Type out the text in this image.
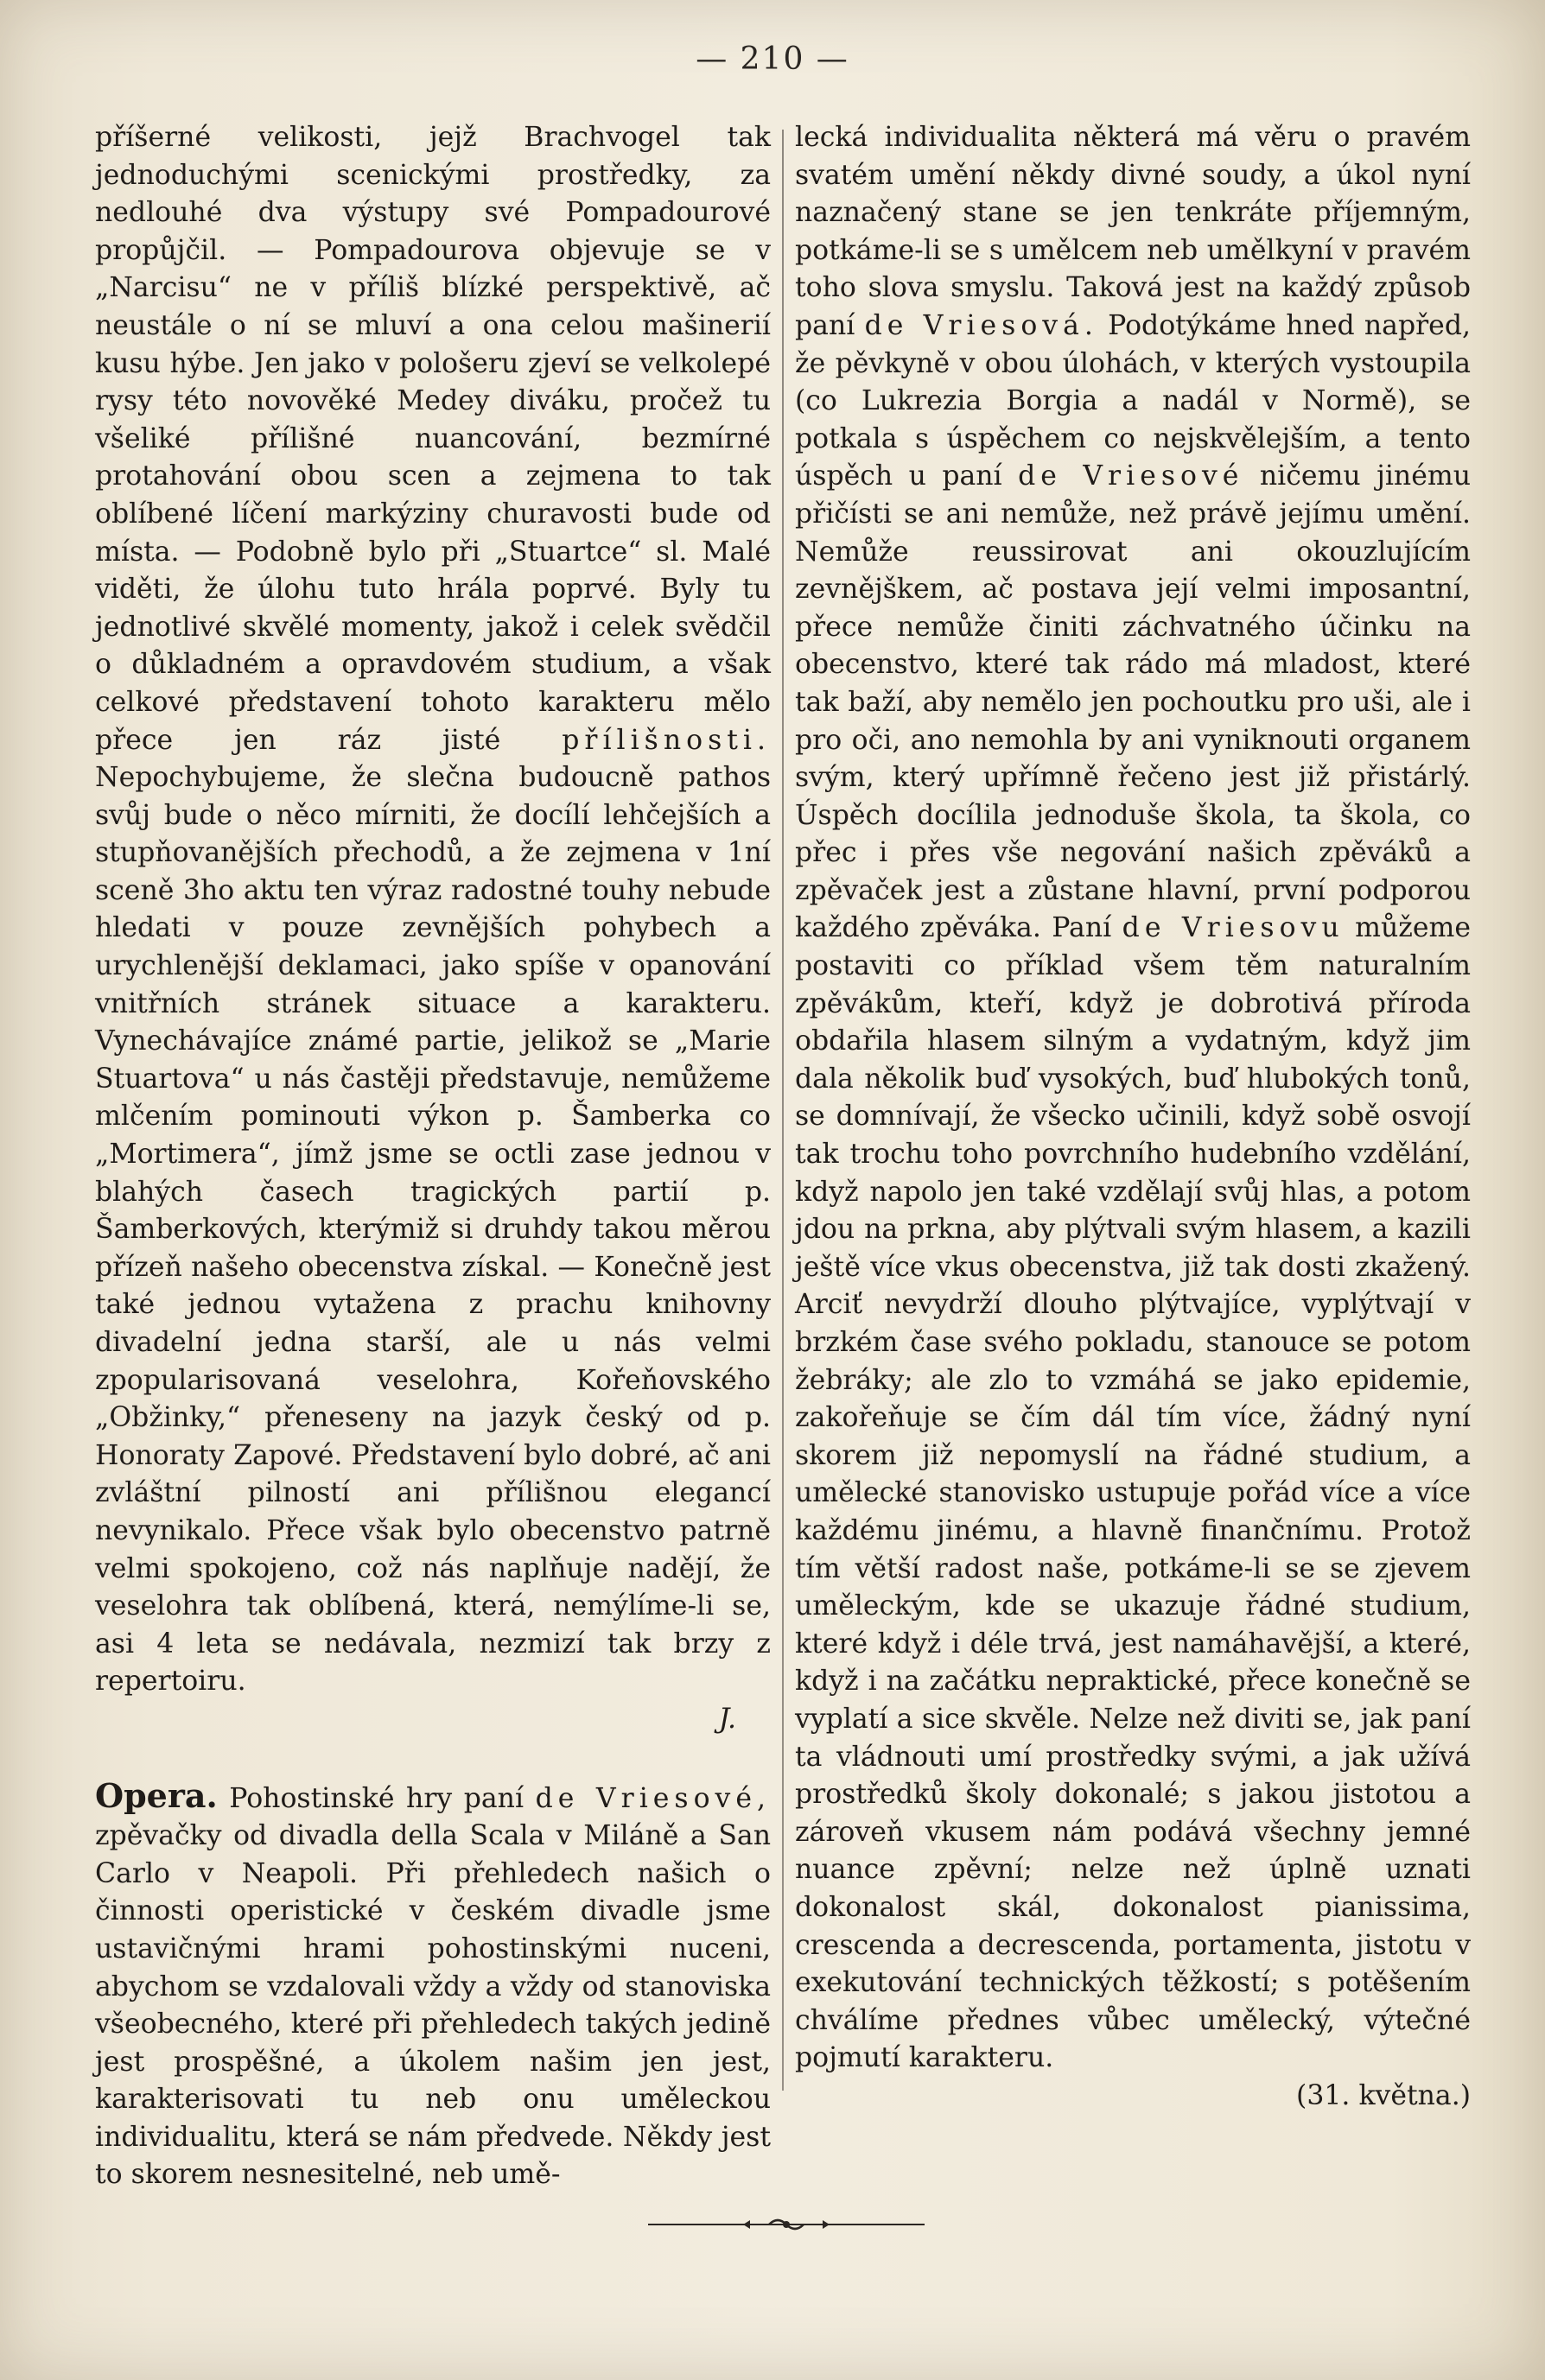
— 210 —

příšerné velikosti, jejž Brachvogel tak jednoduchými scenickými prostředky, za nedlouhé dva výstupy své Pompadourové propůjčil. — Pompadourova objevuje se v „Narcisu“ ne v příliš blízké perspektivě, ač neustále o ní se mluví a ona celou mašinerií kusu hýbe. Jen jako v pološeru zjeví se velkolepé rysy této novověké Medey diváku, pročež tu všeliké přílišné nuancování, bezmírné protahování obou scen a zejmena to tak oblíbené líčení markýziny churavosti bude od místa. — Podobně bylo při „Stuartce“ sl. Malé viděti, že úlohu tuto hrála poprvé. Byly tu jednotlivé skvělé momenty, jakož i celek svědčil o důkladném a opravdovém studium, a však celkové představení tohoto karakteru mělo přece jen ráz jisté přílišnosti. Nepochybujeme, že slečna budoucně pathos svůj bude o něco mírniti, že docílí lehčejších a stupňovanějších přechodů, a že zejmena v 1ní sceně 3ho aktu ten výraz radostné touhy nebude hledati v pouze zevnějších pohybech a urychlenější deklamaci, jako spíše v opanování vnitřních stránek situace a karakteru. Vynechávajíce známé partie, jelikož se „Marie Stuartova“ u nás častěji představuje, nemůžeme mlčením pominouti výkon p. Šamberka co „Mortimera“, jímž jsme se octli zase jednou v blahých časech tragických partií p. Šamberkových, kterýmiž si druhdy takou měrou přízeň našeho obecenstva získal. — Konečně jest také jednou vytažena z prachu knihovny divadelní jedna starší, ale u nás velmi zpopularisovaná veselohra, Kořeňovského „Obžinky,“ přeneseny na jazyk český od p. Honoraty Zapové. Představení bylo dobré, ač ani zvláštní pilností ani přílišnou elegancí nevynikalo. Přece však bylo obecenstvo patrně velmi spokojeno, což nás naplňuje nadějí, že veselohra tak oblíbená, která, nemýlíme-li se, asi 4 leta se nedávala, nezmizí tak brzy z repertoiru.

J.

Opera. Pohostinské hry paní de Vriesové, zpěvačky od divadla della Scala v Miláně a San Carlo v Neapoli. Při přehledech našich o činnosti operistické v českém divadle jsme ustavičnými hrami pohostinskými nuceni, abychom se vzdalovali vždy a vždy od stanoviska všeobecného, které při přehledech takých jedině jest prospěšné, a úkolem našim jen jest, karakterisovati tu neb onu uměleckou individualitu, která se nám předvede. Někdy jest to skorem nesnesitelné, neb umě-

lecká individualita některá má věru o pravém svatém umění někdy divné soudy, a úkol nyní naznačený stane se jen tenkráte příjemným, potkáme-li se s umělcem neb umělkyní v pravém toho slova smyslu. Taková jest na každý způsob paní de Vriesová. Podotýkáme hned napřed, že pěvkyně v obou úlohách, v kterých vystoupila (co Lukrezia Borgia a nadál v Normě), se potkala s úspěchem co nejskvělejším, a tento úspěch u paní de Vriesové ničemu jinému přičísti se ani nemůže, než právě jejímu umění. Nemůže reussirovat ani okouzlujícím zevnějškem, ač postava její velmi imposantní, přece nemůže činiti záchvatného účinku na obecenstvo, které tak rádo má mladost, které tak baží, aby nemělo jen pochoutku pro uši, ale i pro oči, ano nemohla by ani vyniknouti organem svým, který upřímně řečeno jest již přistárlý. Úspěch docílila jednoduše škola, ta škola, co přec i přes vše negování našich zpěváků a zpěvaček jest a zůstane hlavní, první podporou každého zpěváka. Paní de Vriesovu můžeme postaviti co příklad všem těm naturalním zpěvákům, kteří, když je dobrotivá příroda obdařila hlasem silným a vydatným, když jim dala několik buď vysokých, buď hlubokých tonů, se domnívají, že všecko učinili, když sobě osvojí tak trochu toho povrchního hudebního vzdělání, když napolo jen také vzdělají svůj hlas, a potom jdou na prkna, aby plýtvali svým hlasem, a kazili ještě více vkus obecenstva, již tak dosti zkažený. Arciť nevydrží dlouho plýtvajíce, vyplýtvají v brzkém čase svého pokladu, stanouce se potom žebráky; ale zlo to vzmáhá se jako epidemie, zakořeňuje se čím dál tím více, žádný nyní skorem již nepomyslí na řádné studium, a umělecké stanovisko ustupuje pořád více a více každému jinému, a hlavně finančnímu. Protož tím větší radost naše, potkáme-li se se zjevem uměleckým, kde se ukazuje řádné studium, které když i déle trvá, jest namáhavější, a které, když i na začátku nepraktické, přece konečně se vyplatí a sice skvěle. Nelze než diviti se, jak paní ta vládnouti umí prostředky svými, a jak užívá prostředků školy dokonalé; s jakou jistotou a zároveň vkusem nám podává všechny jemné nuance zpěvní; nelze než úplně uznati dokonalost skál, dokonalost pianissima, crescenda a decrescenda, portamenta, jistotu v exekutování technických těžkostí; s potěšením chválíme přednes vůbec umělecký, výtečné pojmutí karakteru.

(31. května.)
